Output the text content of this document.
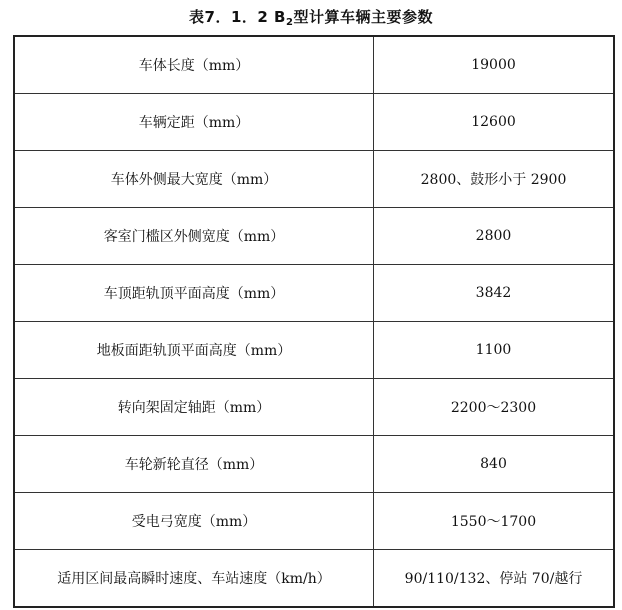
表7．1．2 $B_2$型计算车辆主要参数
车体长度（mm）	19000
车辆定距（mm）	12600
车体外侧最大宽度（mm）	2800、鼓形小于 2900
客室门槛区外侧宽度（mm）	2800
车顶距轨顶平面高度（mm）	3842
地板面距轨顶平面高度（mm）	1100
转向架固定轴距（mm）	2200～2300
车轮新轮直径（mm）	840
受电弓宽度（mm）	1550～1700
适用区间最高瞬时速度、车站速度（km/h）	90/110/132、停站 70/越行
